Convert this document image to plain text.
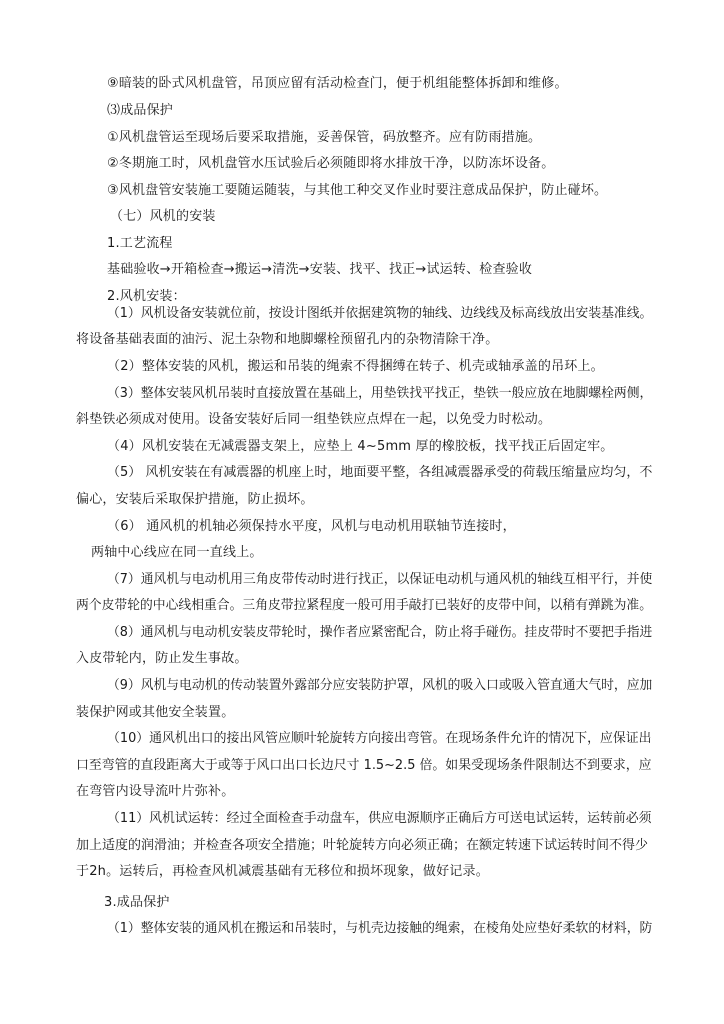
⑨暗装的卧式风机盘管，吊顶应留有活动检查门，便于机组能整体拆卸和维修。
⑶成品保护
①风机盘管运至现场后要采取措施，妥善保管，码放整齐。应有防雨措施。
②冬期施工时，风机盘管水压试验后必须随即将水排放干净，以防冻坏设备。
③风机盘管安装施工要随运随装，与其他工种交叉作业时要注意成品保护，防止碰坏。
（七）风机的安装
1.工艺流程
基础验收→开箱检查→搬运→清洗→安装、找平、找正→试运转、检查验收
2.风机安装：
（1）风机设备安装就位前，按设计图纸并依据建筑物的轴线、边线线及标高线放出安装基准线。
将设备基础表面的油污、泥土杂物和地脚螺栓预留孔内的杂物清除干净。
（2）整体安装的风机，搬运和吊装的绳索不得捆缚在转子、机壳或轴承盖的吊环上。
（3）整体安装风机吊装时直接放置在基础上，用垫铁找平找正，垫铁一般应放在地脚螺栓两侧，
斜垫铁必须成对使用。设备安装好后同一组垫铁应点焊在一起，以免受力时松动。
（4）风机安装在无减震器支架上，应垫上 4~5mm 厚的橡胶板，找平找正后固定牢。
（5） 风机安装在有减震器的机座上时，地面要平整，各组减震器承受的荷载压缩量应均匀，不
偏心，安装后采取保护措施，防止损坏。
（6） 通风机的机轴必须保持水平度，风机与电动机用联轴节连接时，
两轴中心线应在同一直线上。
（7）通风机与电动机用三角皮带传动时进行找正，以保证电动机与通风机的轴线互相平行，并使
两个皮带轮的中心线相重合。三角皮带拉紧程度一般可用手敲打已装好的皮带中间，以稍有弹跳为准。
（8）通风机与电动机安装皮带轮时，操作者应紧密配合，防止将手碰伤。挂皮带时不要把手指进
入皮带轮内，防止发生事故。
（9）风机与电动机的传动装置外露部分应安装防护罩，风机的吸入口或吸入管直通大气时，应加
装保护网或其他安全装置。
（10）通风机出口的接出风管应顺叶轮旋转方向接出弯管。在现场条件允许的情况下，应保证出
口至弯管的直段距离大于或等于风口出口长边尺寸 1.5~2.5 倍。如果受现场条件限制达不到要求，应
在弯管内设导流叶片弥补。
（11）风机试运转：经过全面检查手动盘车，供应电源顺序正确后方可送电试运转，运转前必须
加上适度的润滑油；并检查各项安全措施；叶轮旋转方向必须正确；在额定转速下试运转时间不得少
于2h。运转后，再检查风机减震基础有无移位和损坏现象，做好记录。
3.成品保护
（1）整体安装的通风机在搬运和吊装时，与机壳边接触的绳索，在棱角处应垫好柔软的材料，防
